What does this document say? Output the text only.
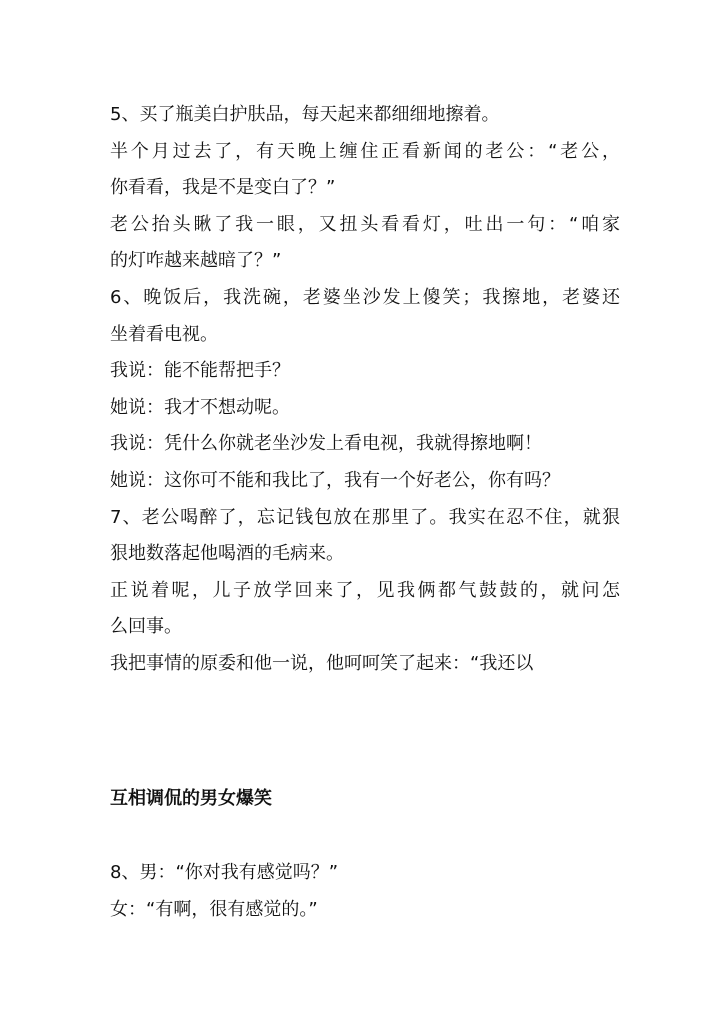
5、买了瓶美白护肤品，每天起来都细细地擦着。
半个月过去了，有天晚上缠住正看新闻的老公：“老公，
你看看，我是不是变白了？”
老公抬头瞅了我一眼，又扭头看看灯，吐出一句：“咱家
的灯咋越来越暗了？”
6、晚饭后，我洗碗，老婆坐沙发上傻笑；我擦地，老婆还
坐着看电视。
我说：能不能帮把手？
她说：我才不想动呢。
我说：凭什么你就老坐沙发上看电视，我就得擦地啊！
她说：这你可不能和我比了，我有一个好老公，你有吗？
7、老公喝醉了，忘记钱包放在那里了。我实在忍不住，就狠
狠地数落起他喝酒的毛病来。
正说着呢，儿子放学回来了，见我俩都气鼓鼓的，就问怎
么回事。
我把事情的原委和他一说，他呵呵笑了起来：“我还以
互相调侃的男女爆笑
8、男：“你对我有感觉吗？”
女：“有啊，很有感觉的。”
